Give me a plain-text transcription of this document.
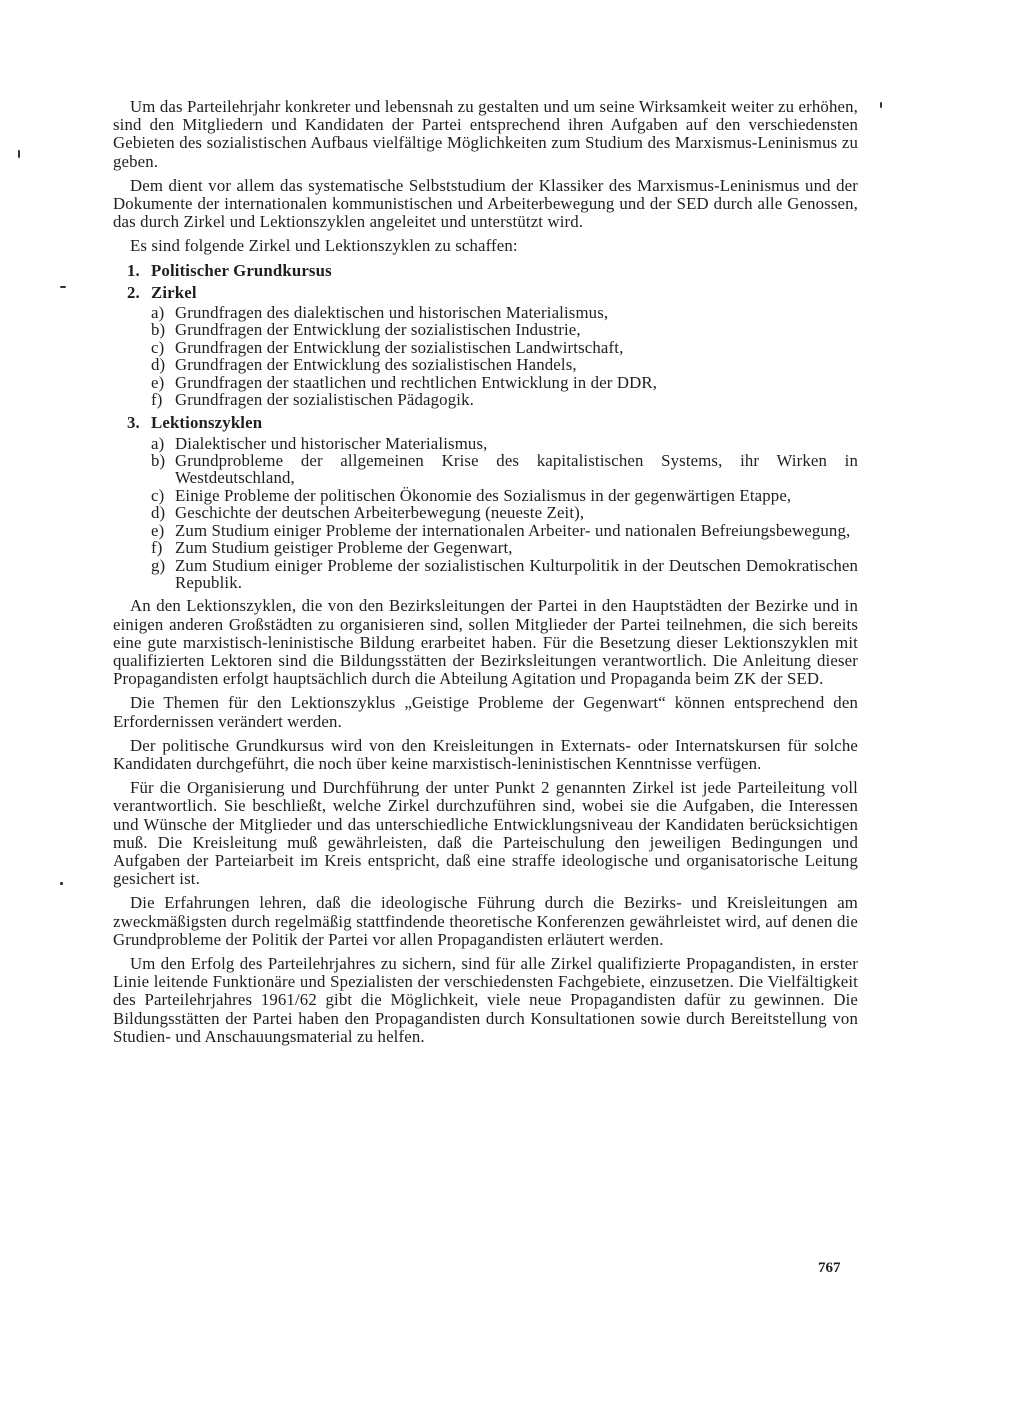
Um das Parteilehrjahr konkreter und lebensnah zu gestalten und um seine Wirksamkeit weiter zu erhöhen, sind den Mitgliedern und Kandidaten der Partei entsprechend ihren Aufgaben auf den verschiedensten Gebieten des sozialistischen Aufbaus vielfältige Möglichkeiten zum Studium des Marxismus-Leninismus zu geben.

Dem dient vor allem das systematische Selbststudium der Klassiker des Marxismus-Leninismus und der Dokumente der internationalen kommunistischen und Arbeiterbewegung und der SED durch alle Genossen, das durch Zirkel und Lektionszyklen angeleitet und unterstützt wird.

Es sind folgende Zirkel und Lektionszyklen zu schaffen:

1. Politischer Grundkursus
2. Zirkel
a) Grundfragen des dialektischen und historischen Materialismus,
b) Grundfragen der Entwicklung der sozialistischen Industrie,
c) Grundfragen der Entwicklung der sozialistischen Landwirtschaft,
d) Grundfragen der Entwicklung des sozialistischen Handels,
e) Grundfragen der staatlichen und rechtlichen Entwicklung in der DDR,
f) Grundfragen der sozialistischen Pädagogik.
3. Lektionszyklen
a) Dialektischer und historischer Materialismus,
b) Grundprobleme der allgemeinen Krise des kapitalistischen Systems, ihr Wirken in Westdeutschland,
c) Einige Probleme der politischen Ökonomie des Sozialismus in der gegenwärtigen Etappe,
d) Geschichte der deutschen Arbeiterbewegung (neueste Zeit),
e) Zum Studium einiger Probleme der internationalen Arbeiter- und nationalen Befreiungsbewegung,
f) Zum Studium geistiger Probleme der Gegenwart,
g) Zum Studium einiger Probleme der sozialistischen Kulturpolitik in der Deutschen Demokratischen Republik.

An den Lektionszyklen, die von den Bezirksleitungen der Partei in den Hauptstädten der Bezirke und in einigen anderen Großstädten zu organisieren sind, sollen Mitglieder der Partei teilnehmen, die sich bereits eine gute marxistisch-leninistische Bildung erarbeitet haben. Für die Besetzung dieser Lektionszyklen mit qualifizierten Lektoren sind die Bildungsstätten der Bezirksleitungen verantwortlich. Die Anleitung dieser Propagandisten erfolgt hauptsächlich durch die Abteilung Agitation und Propaganda beim ZK der SED.

Die Themen für den Lektionszyklus „Geistige Probleme der Gegenwart“ können entsprechend den Erfordernissen verändert werden.

Der politische Grundkursus wird von den Kreisleitungen in Externats- oder Internatskursen für solche Kandidaten durchgeführt, die noch über keine marxistisch-leninistischen Kenntnisse verfügen.

Für die Organisierung und Durchführung der unter Punkt 2 genannten Zirkel ist jede Parteileitung voll verantwortlich. Sie beschließt, welche Zirkel durchzuführen sind, wobei sie die Aufgaben, die Interessen und Wünsche der Mitglieder und das unterschiedliche Entwicklungsniveau der Kandidaten berücksichtigen muß. Die Kreisleitung muß gewährleisten, daß die Parteischulung den jeweiligen Bedingungen und Aufgaben der Parteiarbeit im Kreis entspricht, daß eine straffe ideologische und organisatorische Leitung gesichert ist.

Die Erfahrungen lehren, daß die ideologische Führung durch die Bezirks- und Kreisleitungen am zweckmäßigsten durch regelmäßig stattfindende theoretische Konferenzen gewährleistet wird, auf denen die Grundprobleme der Politik der Partei vor allen Propagandisten erläutert werden.

Um den Erfolg des Parteilehrjahres zu sichern, sind für alle Zirkel qualifizierte Propagandisten, in erster Linie leitende Funktionäre und Spezialisten der verschiedensten Fachgebiete, einzusetzen. Die Vielfältigkeit des Parteilehrjahres 1961/62 gibt die Möglichkeit, viele neue Propagandisten dafür zu gewinnen. Die Bildungsstätten der Partei haben den Propagandisten durch Konsultationen sowie durch Bereitstellung von Studien- und Anschauungsmaterial zu helfen.

767
